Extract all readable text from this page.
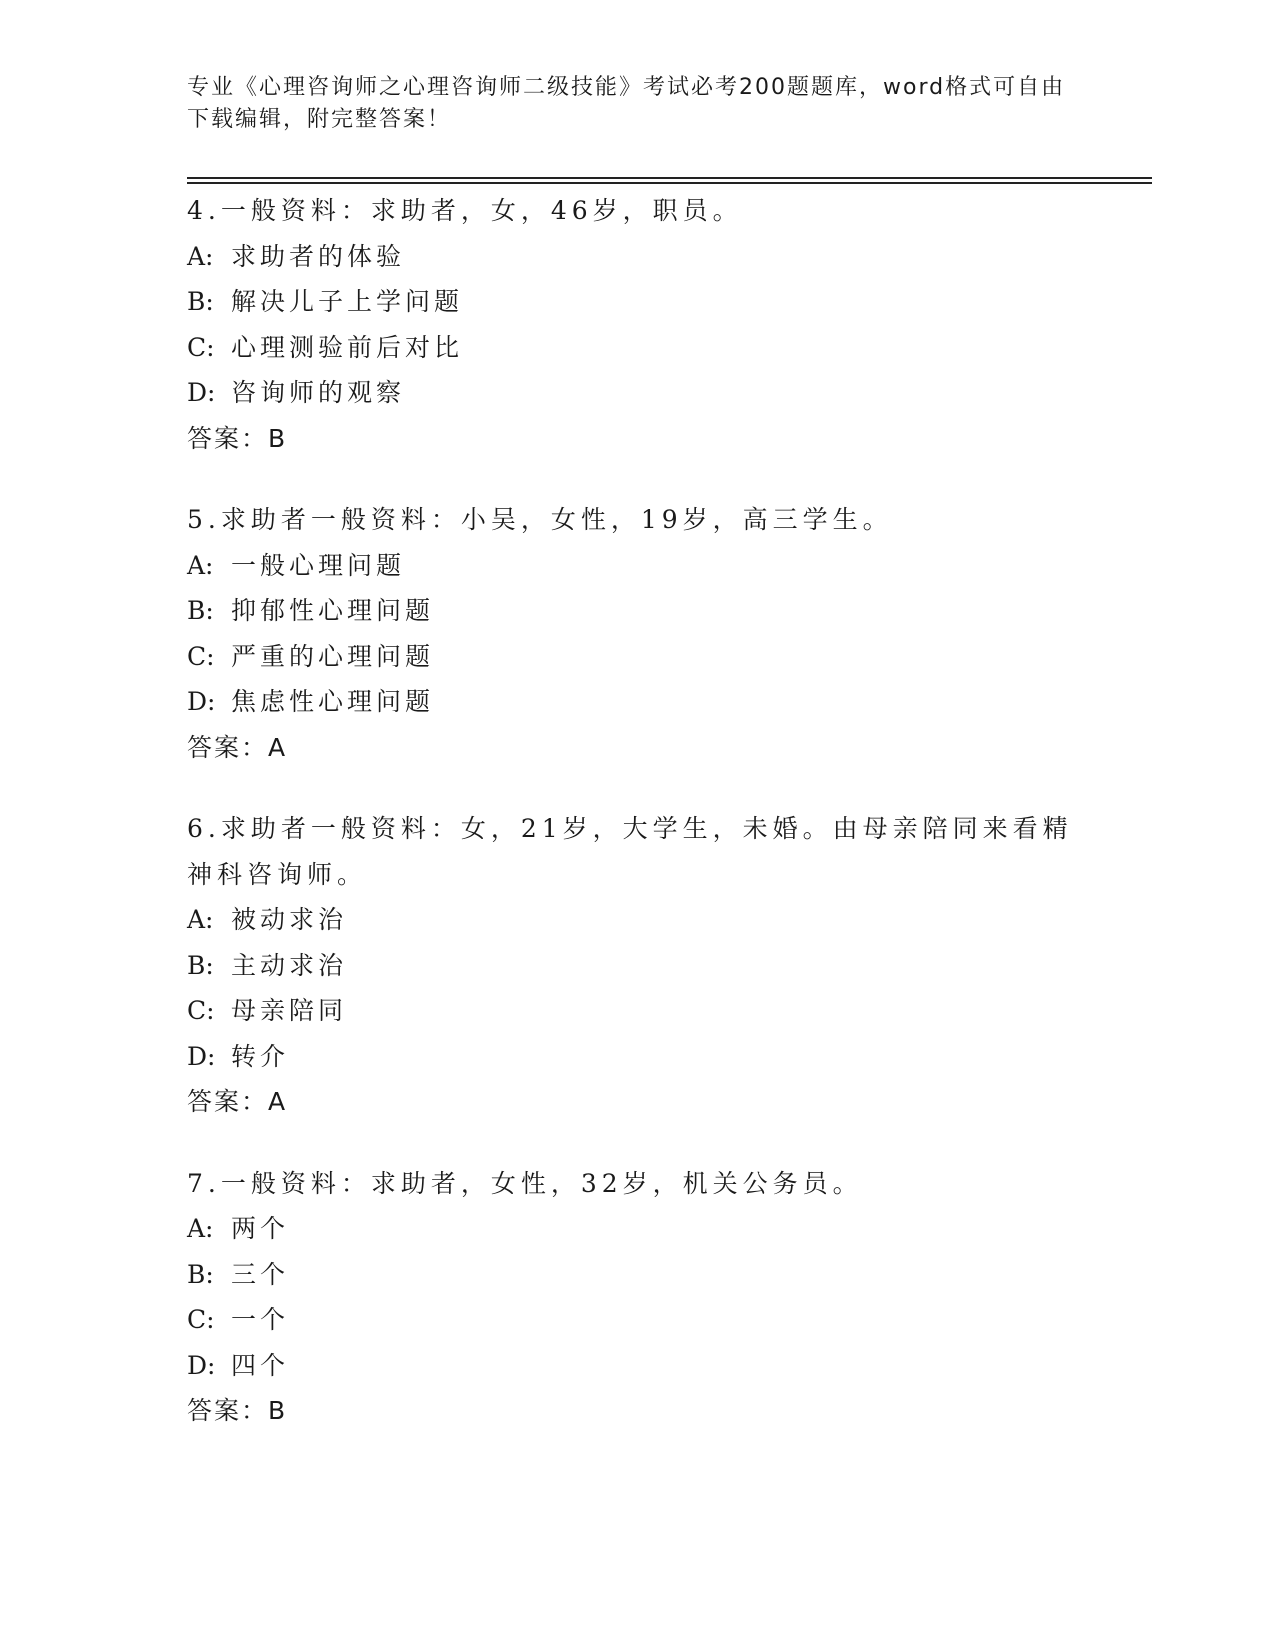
专业《心理咨询师之心理咨询师二级技能》考试必考200题题库，word格式可自由下载编辑，附完整答案！
4.一般资料：求助者，女，46岁，职员。
A: 求助者的体验
B: 解决儿子上学问题
C: 心理测验前后对比
D: 咨询师的观察
答案：B
5.求助者一般资料：小吴，女性，19岁，高三学生。
A: 一般心理问题
B: 抑郁性心理问题
C: 严重的心理问题
D: 焦虑性心理问题
答案：A
6.求助者一般资料：女，21岁，大学生，未婚。由母亲陪同来看精神科咨询师。
A: 被动求治
B: 主动求治
C: 母亲陪同
D: 转介
答案：A
7.一般资料：求助者，女性，32岁，机关公务员。
A: 两个
B: 三个
C: 一个
D: 四个
答案：B
